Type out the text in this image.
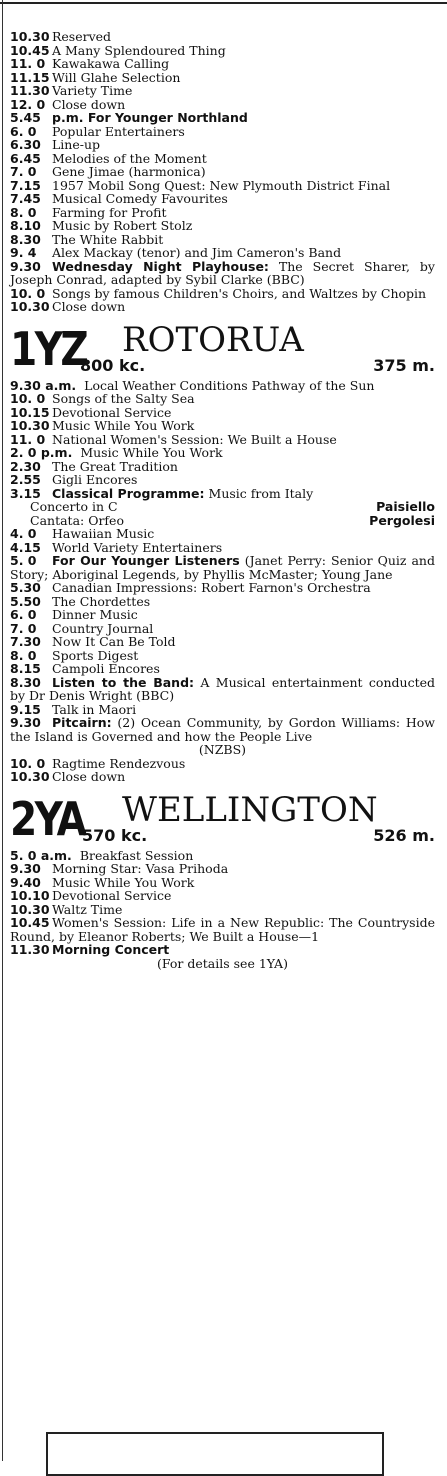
10.30 Reserved
10.45 A Many Splendoured Thing
11. 0 Kawakawa Calling
11.15 Will Glahe Selection
11.30 Variety Time
12. 0 Close down
5.45 p.m. For Younger Northland
6. 0 Popular Entertainers
6.30 Line-up
6.45 Melodies of the Moment
7. 0 Gene Jimae (harmonica)
7.15 1957 Mobil Song Quest: New Plymouth District Final
7.45 Musical Comedy Favourites
8. 0 Farming for Profit
8.10 Music by Robert Stolz
8.30 The White Rabbit
9. 4 Alex Mackay (tenor) and Jim Cameron's Band
9.30 Wednesday Night Playhouse: The Secret Sharer, by Joseph Conrad, adapted by Sybil Clarke (BBC)
10. 0 Songs by famous Children's Choirs, and Waltzes by Chopin
10.30 Close down
1YZ ROTORUA
800 kc.	375 m.
9.30 a.m. Local Weather Conditions Pathway of the Sun
10. 0 Songs of the Salty Sea
10.15 Devotional Service
10.30 Music While You Work
11. 0 National Women's Session: We Built a House
2. 0 p.m. Music While You Work
2.30 The Great Tradition
2.55 Gigli Encores
3.15 Classical Programme: Music from Italy
Concerto in C	Paisiello
Cantata: Orfeo	Pergolesi
4. 0 Hawaiian Music
4.15 World Variety Entertainers
5. 0 For Our Younger Listeners (Janet Perry: Senior Quiz and Story; Aboriginal Legends, by Phyllis McMaster; Young Jane
5.30 Canadian Impressions: Robert Farnon's Orchestra
5.50 The Chordettes
6. 0 Dinner Music
7. 0 Country Journal
7.30 Now It Can Be Told
8. 0 Sports Digest
8.15 Campoli Encores
8.30 Listen to the Band: A Musical entertainment conducted by Dr Denis Wright (BBC)
9.15 Talk in Maori
9.30 Pitcairn: (2) Ocean Community, by Gordon Williams: How the Island is Governed and how the People Live
(NZBS)
10. 0 Ragtime Rendezvous
10.30 Close down
2YA WELLINGTON
570 kc.	526 m.
5. 0 a.m. Breakfast Session
9.30 Morning Star: Vasa Prihoda
9.40 Music While You Work
10.10 Devotional Service
10.30 Waltz Time
10.45 Women's Session: Life in a New Republic: The Countryside Round, by Eleanor Roberts; We Built a House—1
11.30 Morning Concert
(For details see 1YA)
